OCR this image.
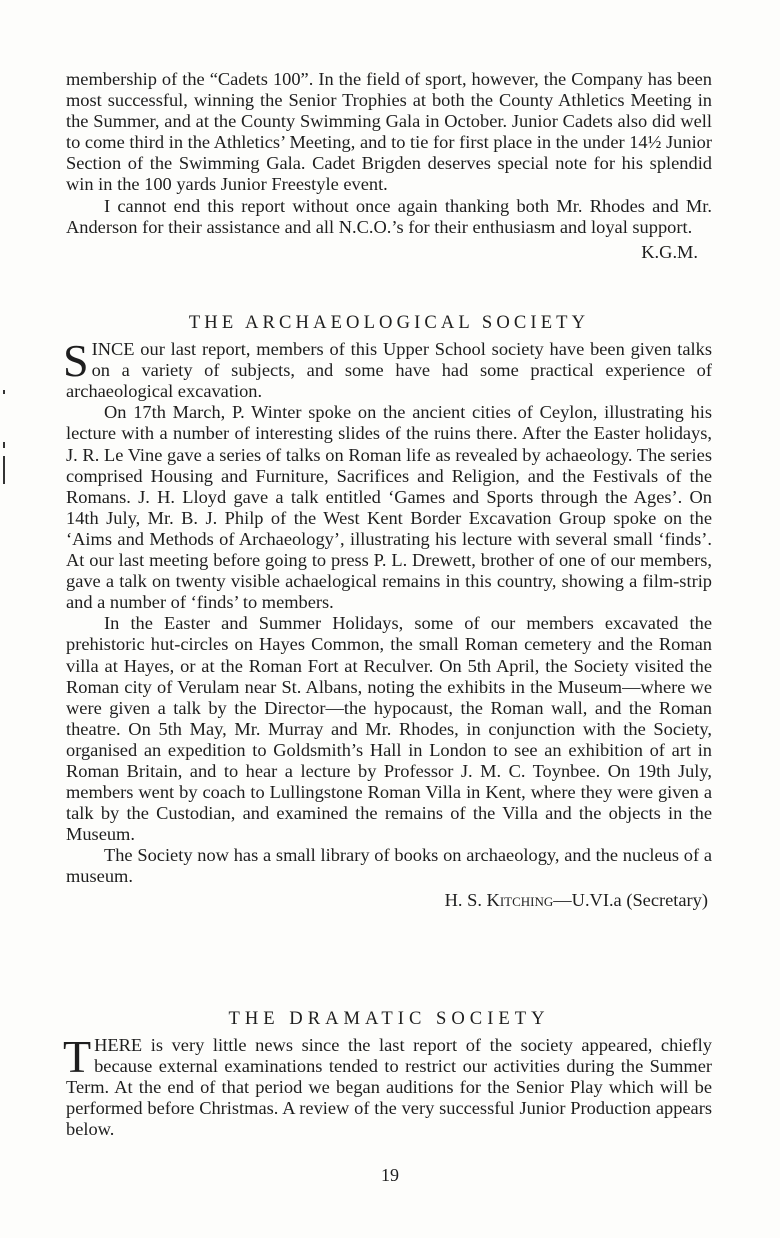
membership of the “Cadets 100”. In the field of sport, however, the Company has been most successful, winning the Senior Trophies at both the County Athletics Meeting in the Summer, and at the County Swimming Gala in October. Junior Cadets also did well to come third in the Athletics’ Meeting, and to tie for first place in the under 14½ Junior Section of the Swimming Gala. Cadet Brigden deserves special note for his splendid win in the 100 yards Junior Freestyle event.

I cannot end this report without once again thanking both Mr. Rhodes and Mr. Anderson for their assistance and all N.C.O.’s for their enthusiasm and loyal support.

K.G.M.

THE ARCHAEOLOGICAL SOCIETY

SINCE our last report, members of this Upper School society have been given talks on a variety of subjects, and some have had some practical experience of archaeological excavation.

On 17th March, P. Winter spoke on the ancient cities of Ceylon, illustrating his lecture with a number of interesting slides of the ruins there. After the Easter holidays, J. R. Le Vine gave a series of talks on Roman life as revealed by achaeology. The series comprised Housing and Furniture, Sacrifices and Religion, and the Festivals of the Romans. J. H. Lloyd gave a talk entitled ‘Games and Sports through the Ages’. On 14th July, Mr. B. J. Philp of the West Kent Border Excavation Group spoke on the ‘Aims and Methods of Archaeology’, illustrating his lecture with several small ‘finds’. At our last meeting before going to press P. L. Drewett, brother of one of our members, gave a talk on twenty visible achaelogical remains in this country, showing a film-strip and a number of ‘finds’ to members.

In the Easter and Summer Holidays, some of our members excavated the prehistoric hut-circles on Hayes Common, the small Roman cemetery and the Roman villa at Hayes, or at the Roman Fort at Reculver. On 5th April, the Society visited the Roman city of Verulam near St. Albans, noting the exhibits in the Museum—where we were given a talk by the Director—the hypocaust, the Roman wall, and the Roman theatre. On 5th May, Mr. Murray and Mr. Rhodes, in conjunction with the Society, organised an expedition to Goldsmith’s Hall in London to see an exhibition of art in Roman Britain, and to hear a lecture by Professor J. M. C. Toynbee. On 19th July, members went by coach to Lullingstone Roman Villa in Kent, where they were given a talk by the Custodian, and examined the remains of the Villa and the objects in the Museum.

The Society now has a small library of books on archaeology, and the nucleus of a museum.

H. S. Kitching—U.VI.a (Secretary)

THE DRAMATIC SOCIETY

THERE is very little news since the last report of the society appeared, chiefly because external examinations tended to restrict our activities during the Summer Term. At the end of that period we began auditions for the Senior Play which will be performed before Christmas. A review of the very successful Junior Production appears below.

19
